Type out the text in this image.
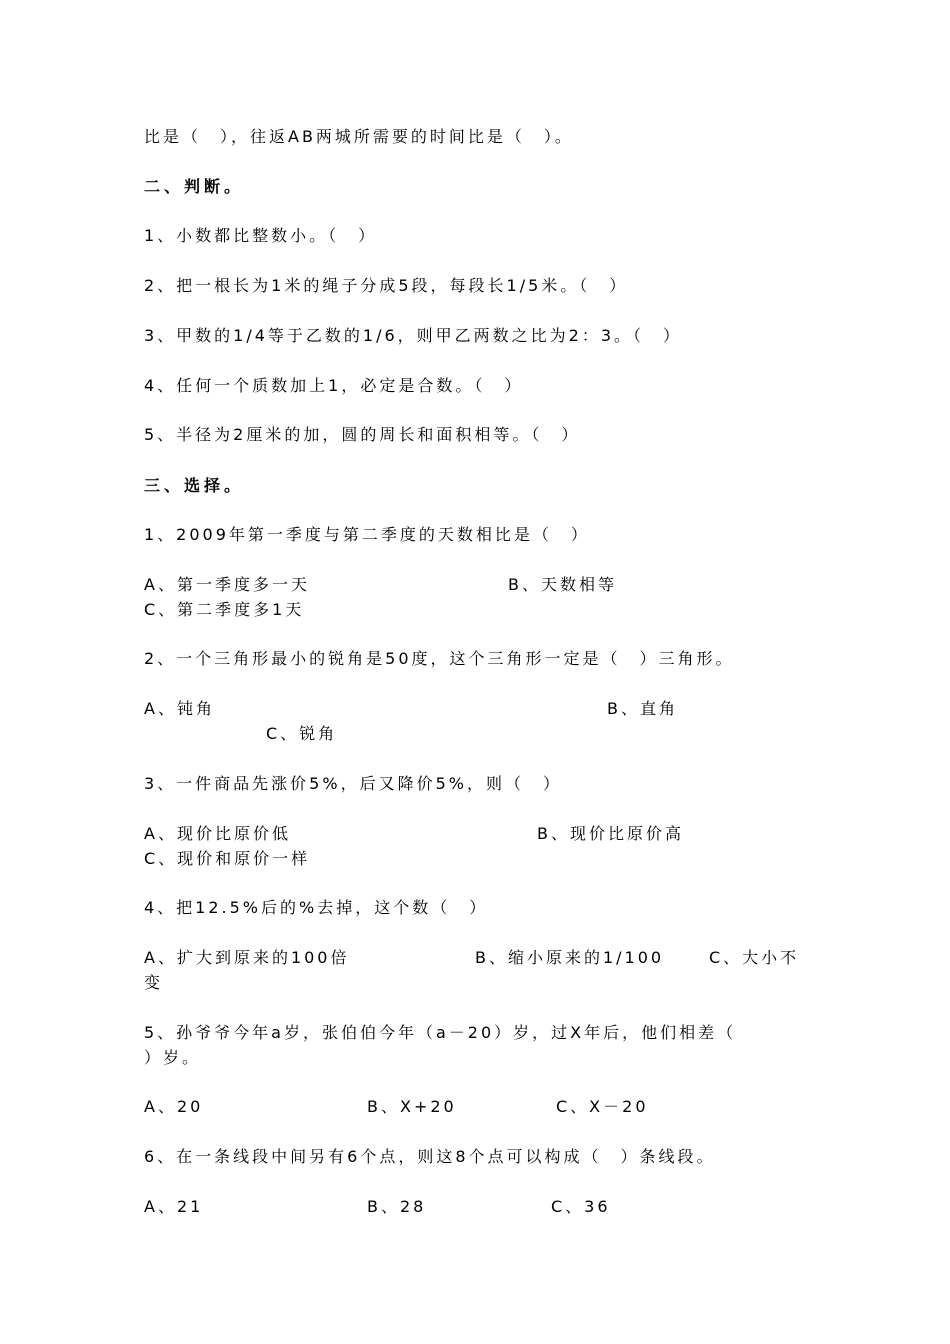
比是（　），往返AB两城所需要的时间比是（　）。
二、判断。
1、小数都比整数小。（　）
2、把一根长为1米的绳子分成5段，每段长1/5米。（　）
3、甲数的1/4等于乙数的1/6，则甲乙两数之比为2：3。（　）
4、任何一个质数加上1，必定是合数。（　）
5、半径为2厘米的加，圆的周长和面积相等。（　）
三、选择。
1、2009年第一季度与第二季度的天数相比是（　）
A、第一季度多一天	B、天数相等
C、第二季度多1天
2、一个三角形最小的锐角是50度，这个三角形一定是（　）三角形。
A、钝角	B、直角
C、锐角
3、一件商品先涨价5%，后又降价5%，则（　）
A、现价比原价低	B、现价比原价高
C、现价和原价一样
4、把12.5%后的%去掉，这个数（　）
A、扩大到原来的100倍	B、缩小原来的1/100	C、大小不
变
5、孙爷爷今年a岁，张伯伯今年（a－20）岁，过X年后，他们相差（
）岁。
A、20	B、X+20	C、X－20
6、在一条线段中间另有6个点，则这8个点可以构成（　）条线段。
A、21	B、28	C、36
